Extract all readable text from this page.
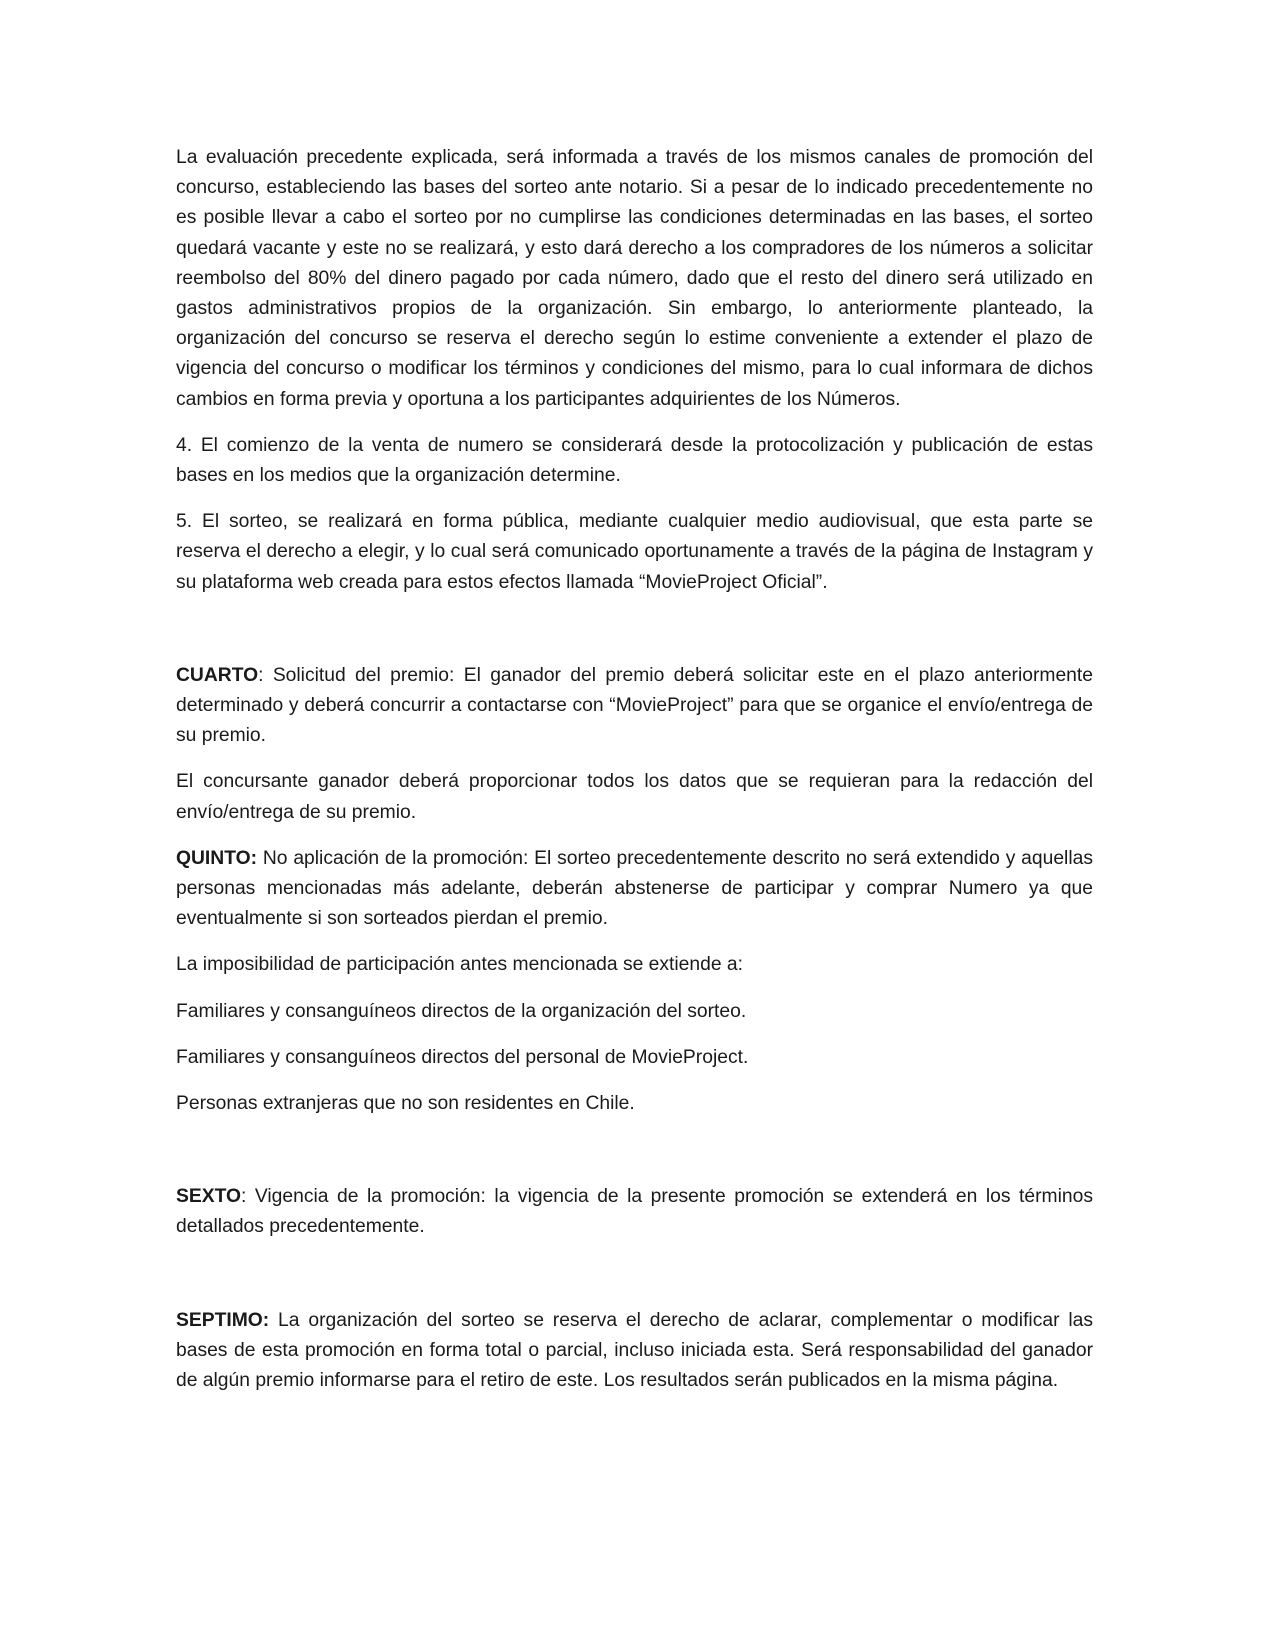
La evaluación precedente explicada, será informada a través de los mismos canales de promoción del concurso, estableciendo las bases del sorteo ante notario. Si a pesar de lo indicado precedentemente no es posible llevar a cabo el sorteo por no cumplirse las condiciones determinadas en las bases, el sorteo quedará vacante y este no se realizará, y esto dará derecho a los compradores de los números a solicitar reembolso del 80% del dinero pagado por cada número, dado que el resto del dinero será utilizado en gastos administrativos propios de la organización. Sin embargo, lo anteriormente planteado, la organización del concurso se reserva el derecho según lo estime conveniente a extender el plazo de vigencia del concurso o modificar los términos y condiciones del mismo, para lo cual informara de dichos cambios en forma previa y oportuna a los participantes adquirientes de los Números.

4. El comienzo de la venta de numero se considerará desde la protocolización y publicación de estas bases en los medios que la organización determine.

5. El sorteo, se realizará en forma pública, mediante cualquier medio audiovisual, que esta parte se reserva el derecho a elegir, y lo cual será comunicado oportunamente a través de la página de Instagram y su plataforma web creada para estos efectos llamada “MovieProject Oficial”.

CUARTO: Solicitud del premio: El ganador del premio deberá solicitar este en el plazo anteriormente determinado y deberá concurrir a contactarse con “MovieProject” para que se organice el envío/entrega de su premio.

El concursante ganador deberá proporcionar todos los datos que se requieran para la redacción del envío/entrega de su premio.

QUINTO: No aplicación de la promoción: El sorteo precedentemente descrito no será extendido y aquellas personas mencionadas más adelante, deberán abstenerse de participar y comprar Numero ya que eventualmente si son sorteados pierdan el premio.

La imposibilidad de participación antes mencionada se extiende a:

Familiares y consanguíneos directos de la organización del sorteo.

Familiares y consanguíneos directos del personal de MovieProject.

Personas extranjeras que no son residentes en Chile.

SEXTO: Vigencia de la promoción: la vigencia de la presente promoción se extenderá en los términos detallados precedentemente.

SEPTIMO: La organización del sorteo se reserva el derecho de aclarar, complementar o modificar las bases de esta promoción en forma total o parcial, incluso iniciada esta. Será responsabilidad del ganador de algún premio informarse para el retiro de este. Los resultados serán publicados en la misma página.
